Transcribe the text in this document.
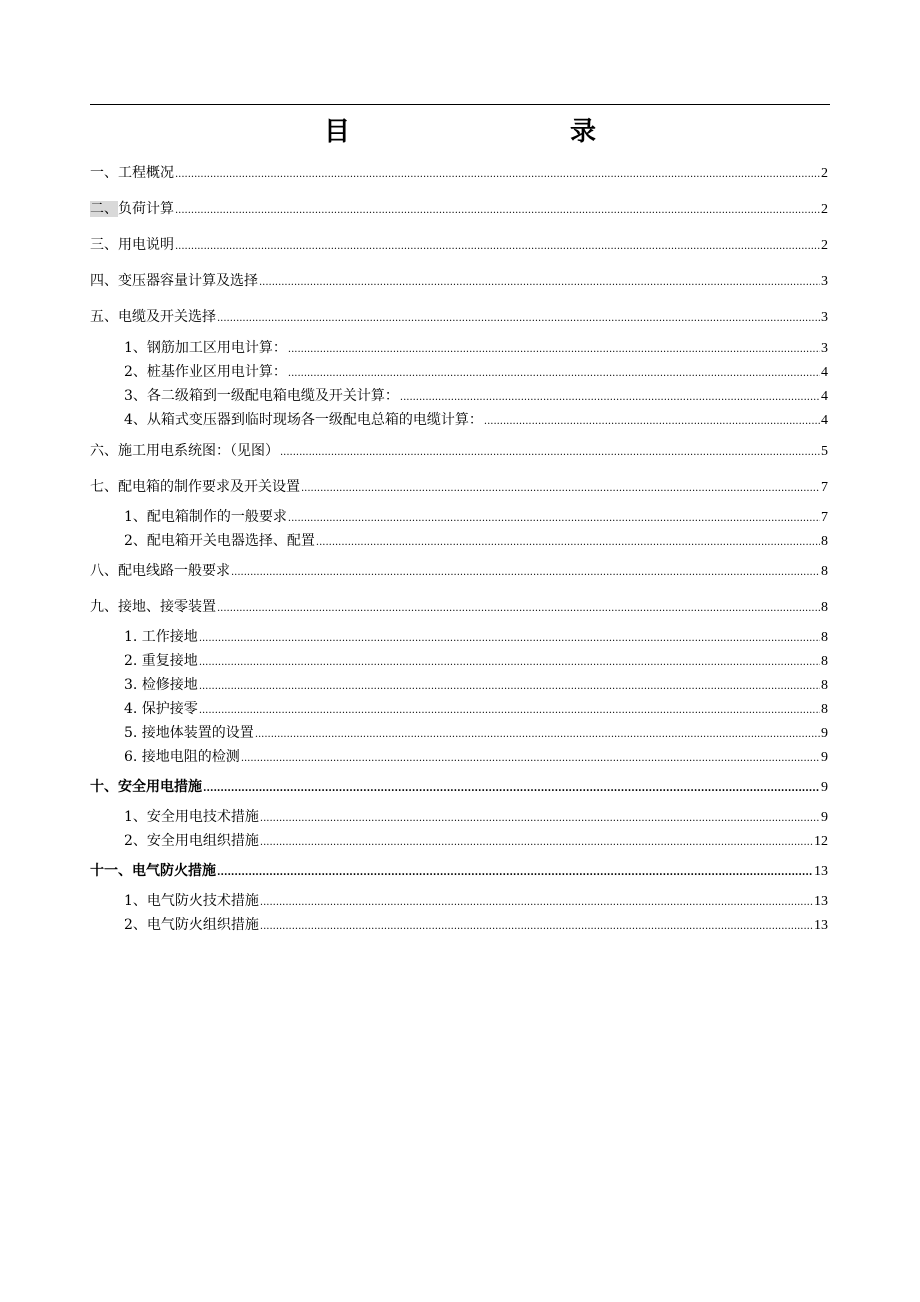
目　　录
一、工程概况 .....	2
二、负荷计算 .....	2
三、用电说明 .....	2
四、变压器容量计算及选择 .....	3
五、电缆及开关选择 .....	3
1、钢筋加工区用电计算： .....	3
2、桩基作业区用电计算： .....	4
3、各二级箱到一级配电箱电缆及开关计算： .....	4
4、从箱式变压器到临时现场各一级配电总箱的电缆计算： .....	4
六、施工用电系统图：（见图） .....	5
七、配电箱的制作要求及开关设置 .....	7
1、配电箱制作的一般要求 .....	7
2、配电箱开关电器选择、配置 .....	8
八、配电线路一般要求 .....	8
九、接地、接零装置 .....	8
1. 工作接地 .....	8
2. 重复接地 .....	8
3. 检修接地 .....	8
4. 保护接零 .....	8
5. 接地体装置的设置 .....	9
6. 接地电阻的检测 .....	9
十、安全用电措施 .....	9
1、安全用电技术措施 .....	9
2、安全用电组织措施 .....	12
十一、电气防火措施 .....	13
1、电气防火技术措施 .....	13
2、电气防火组织措施 .....	13
